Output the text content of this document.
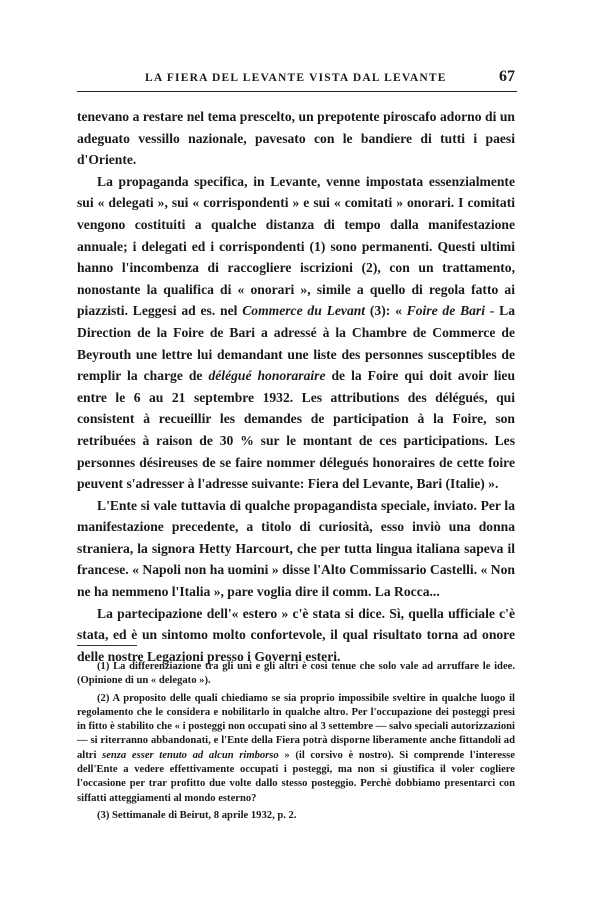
LA FIERA DEL LEVANTE VISTA DAL LEVANTE	67

tenevano a restare nel tema prescelto, un prepotente piroscafo adorno di un adeguato vessillo nazionale, pavesato con le bandiere di tutti i paesi d'Oriente.

La propaganda specifica, in Levante, venne impostata essenzialmente sui « delegati », sui « corrispondenti » e sui « comitati » onorari. I comitati vengono costituiti a qualche distanza di tempo dalla manifestazione annuale; i delegati ed i corrispondenti (1) sono permanenti. Questi ultimi hanno l'incombenza di raccogliere iscrizioni (2), con un trattamento, nonostante la qualifica di « onorari », simile a quello di regola fatto ai piazzisti. Leggesi ad es. nel Commerce du Levant (3): « Foire de Bari - La Direction de la Foire de Bari a adressé à la Chambre de Commerce de Beyrouth une lettre lui demandant une liste des personnes susceptibles de remplir la charge de délégué honoraraire de la Foire qui doit avoir lieu entre le 6 au 21 septembre 1932. Les attributions des délégués, qui consistent à recueillir les demandes de participation à la Foire, son retribuées à raison de 30 % sur le montant de ces participations. Les personnes désireuses de se faire nommer délegués honoraires de cette foire peuvent s'adresser à l'adresse suivante: Fiera del Levante, Bari (Italie) ».

L'Ente si vale tuttavia di qualche propagandista speciale, inviato. Per la manifestazione precedente, a titolo di curiosità, esso inviò una donna straniera, la signora Hetty Harcourt, che per tutta lingua italiana sapeva il francese. « Napoli non ha uomini » disse l'Alto Commissario Castelli. « Non ne ha nemmeno l'Italia », pare voglia dire il comm. La Rocca...

La partecipazione dell'« estero » c'è stata si dice. Sì, quella ufficiale c'è stata, ed è un sintomo molto confortevole, il qual risultato torna ad onore delle nostre Legazioni presso i Governi esteri.

(1) La differenziazione tra gli uni e gli altri è così tenue che solo vale ad arruffare le idee. (Opinione di un « delegato »).

(2) A proposito delle quali chiediamo se sia proprio impossibile sveltire in qualche luogo il regolamento che le considera e nobilitarlo in qualche altro. Per l'occupazione dei posteggi presi in fitto è stabilito che « i posteggi non occupati sino al 3 settembre — salvo speciali autorizzazioni — si riterranno abbandonati, e l'Ente della Fiera potrà disporne liberamente anche fittandoli ad altri senza esser tenuto ad alcun rimborso » (il corsivo è nostro). Si comprende l'interesse dell'Ente a vedere effettivamente occupati i posteggi, ma non si giustifica il voler cogliere l'occasione per trar profitto due volte dallo stesso posteggio. Perchè dobbiamo presentarci con siffatti atteggiamenti al mondo esterno?

(3) Settimanale di Beirut, 8 aprile 1932, p. 2.
